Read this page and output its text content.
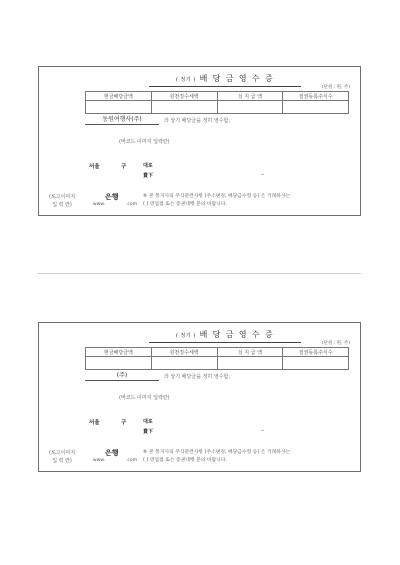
( 정기 ) 배 당 금 영 수 증
(단위 : 원, 주)
현금배당금액	원천징수세액	실 지 급 액	질권등록주식수

동원여행사(주)	의 상기 배당금을 정히 영수함.
(바코드 이미지 입력란)
서울	구	대로
貴下	–
(로고이미지
입 력 란)
은행
www.	.com
※ 본 통지사의 주식관련사항 (주소변경, 배당금수령 등) 은 거래하시는
( ) 영업점 또는 증권대행 문의 바랍니다.
( 정기 ) 배 당 금 영 수 증
(단위 : 원, 주)
현금배당금액	원천징수세액	실 지 급 액	질권등록주식수

(주)	의 상기 배당금을 정히 영수함.
(바코드 이미지 입력란)
서울	구	대로
貴下	–
(로고이미지
입 력 란)
은행
www.	.com
※ 본 통지사의 주식관련사항 (주소변경, 배당금수령 등) 은 거래하시는
( ) 영업점 또는 증권대행 문의 바랍니다.
